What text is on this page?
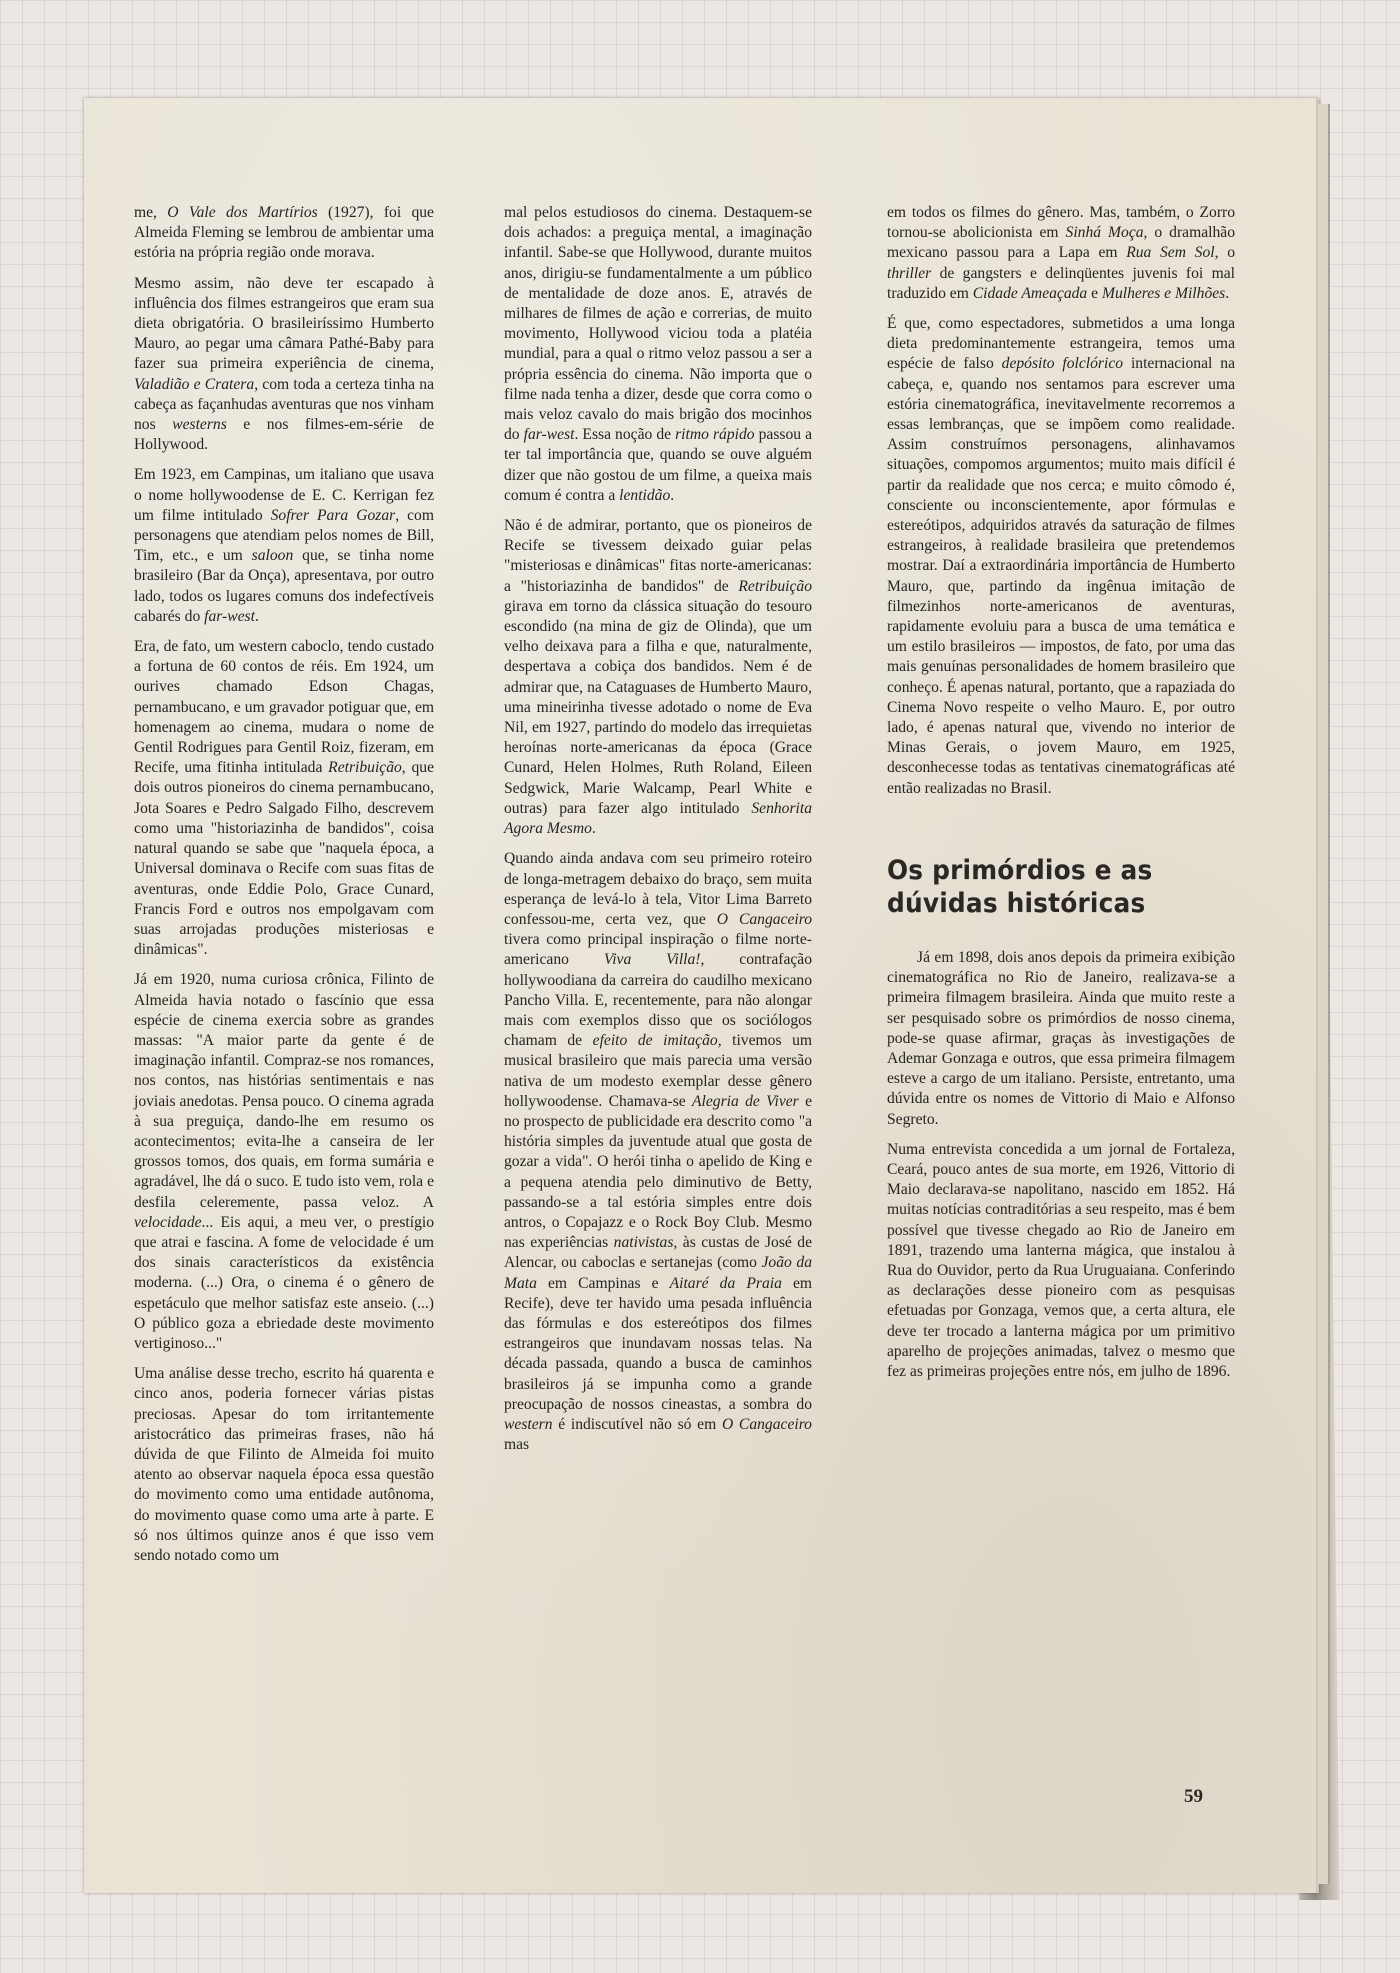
me, O Vale dos Martírios (1927), foi que Almeida Fleming se lembrou de ambientar uma estória na própria região onde morava.

Mesmo assim, não deve ter escapado à influência dos filmes estrangeiros que eram sua dieta obrigatória. O brasileiríssimo Humberto Mauro, ao pegar uma câmara Pathé-Baby para fazer sua primeira experiência de cinema, Valadião e Cratera, com toda a certeza tinha na cabeça as façanhudas aventuras que nos vinham nos westerns e nos filmes-em-série de Hollywood.

Em 1923, em Campinas, um italiano que usava o nome hollywoodense de E. C. Kerrigan fez um filme intitulado Sofrer Para Gozar, com personagens que atendiam pelos nomes de Bill, Tim, etc., e um saloon que, se tinha nome brasileiro (Bar da Onça), apresentava, por outro lado, todos os lugares comuns dos indefectíveis cabarés do far-west.

Era, de fato, um western caboclo, tendo custado a fortuna de 60 contos de réis. Em 1924, um ourives chamado Edson Chagas, pernambucano, e um gravador potiguar que, em homenagem ao cinema, mudara o nome de Gentil Rodrigues para Gentil Roiz, fizeram, em Recife, uma fitinha intitulada Retribuição, que dois outros pioneiros do cinema pernambucano, Jota Soares e Pedro Salgado Filho, descrevem como uma "historiazinha de bandidos", coisa natural quando se sabe que "naquela época, a Universal dominava o Recife com suas fitas de aventuras, onde Eddie Polo, Grace Cunard, Francis Ford e outros nos empolgavam com suas arrojadas produções misteriosas e dinâmicas".

Já em 1920, numa curiosa crônica, Filinto de Almeida havia notado o fascínio que essa espécie de cinema exercia sobre as grandes massas: "A maior parte da gente é de imaginação infantil. Compraz-se nos romances, nos contos, nas histórias sentimentais e nas joviais anedotas. Pensa pouco. O cinema agrada à sua preguiça, dando-lhe em resumo os acontecimentos; evita-lhe a canseira de ler grossos tomos, dos quais, em forma sumária e agradável, lhe dá o suco. E tudo isto vem, rola e desfila celeremente, passa veloz. A velocidade... Eis aqui, a meu ver, o prestígio que atrai e fascina. A fome de velocidade é um dos sinais característicos da existência moderna. (...) Ora, o cinema é o gênero de espetáculo que melhor satisfaz este anseio. (...) O público goza a ebriedade deste movimento vertiginoso..."

Uma análise desse trecho, escrito há quarenta e cinco anos, poderia fornecer várias pistas preciosas. Apesar do tom irritantemente aristocrático das primeiras frases, não há dúvida de que Filinto de Almeida foi muito atento ao observar naquela época essa questão do movimento como uma entidade autônoma, do movimento quase como uma arte à parte. E só nos últimos quinze anos é que isso vem sendo notado como um

mal pelos estudiosos do cinema. Destaquem-se dois achados: a preguiça mental, a imaginação infantil. Sabe-se que Hollywood, durante muitos anos, dirigiu-se fundamentalmente a um público de mentalidade de doze anos. E, através de milhares de filmes de ação e correrias, de muito movimento, Hollywood viciou toda a platéia mundial, para a qual o ritmo veloz passou a ser a própria essência do cinema. Não importa que o filme nada tenha a dizer, desde que corra como o mais veloz cavalo do mais brigão dos mocinhos do far-west. Essa noção de ritmo rápido passou a ter tal importância que, quando se ouve alguém dizer que não gostou de um filme, a queixa mais comum é contra a lentidão.

Não é de admirar, portanto, que os pioneiros de Recife se tivessem deixado guiar pelas "misteriosas e dinâmicas" fitas norte-americanas: a "historiazinha de bandidos" de Retribuição girava em torno da clássica situação do tesouro escondido (na mina de giz de Olinda), que um velho deixava para a filha e que, naturalmente, despertava a cobiça dos bandidos. Nem é de admirar que, na Cataguases de Humberto Mauro, uma mineirinha tivesse adotado o nome de Eva Nil, em 1927, partindo do modelo das irrequietas heroínas norte-americanas da época (Grace Cunard, Helen Holmes, Ruth Roland, Eileen Sedgwick, Marie Walcamp, Pearl White e outras) para fazer algo intitulado Senhorita Agora Mesmo.

Quando ainda andava com seu primeiro roteiro de longa-metragem debaixo do braço, sem muita esperança de levá-lo à tela, Vitor Lima Barreto confessou-me, certa vez, que O Cangaceiro tivera como principal inspiração o filme norte-americano Viva Villa!, contrafação hollywoodiana da carreira do caudilho mexicano Pancho Villa. E, recentemente, para não alongar mais com exemplos disso que os sociólogos chamam de efeito de imitação, tivemos um musical brasileiro que mais parecia uma versão nativa de um modesto exemplar desse gênero hollywoodense. Chamava-se Alegria de Viver e no prospecto de publicidade era descrito como "a história simples da juventude atual que gosta de gozar a vida". O herói tinha o apelido de King e a pequena atendia pelo diminutivo de Betty, passando-se a tal estória simples entre dois antros, o Copajazz e o Rock Boy Club. Mesmo nas experiências nativistas, às custas de José de Alencar, ou caboclas e sertanejas (como João da Mata em Campinas e Aitaré da Praia em Recife), deve ter havido uma pesada influência das fórmulas e dos estereótipos dos filmes estrangeiros que inundavam nossas telas. Na década passada, quando a busca de caminhos brasileiros já se impunha como a grande preocupação de nossos cineastas, a sombra do western é indiscutível não só em O Cangaceiro mas

em todos os filmes do gênero. Mas, também, o Zorro tornou-se abolicionista em Sinhá Moça, o dramalhão mexicano passou para a Lapa em Rua Sem Sol, o thriller de gangsters e delinqüentes juvenis foi mal traduzido em Cidade Ameaçada e Mulheres e Milhões.

É que, como espectadores, submetidos a uma longa dieta predominantemente estrangeira, temos uma espécie de falso depósito folclórico internacional na cabeça, e, quando nos sentamos para escrever uma estória cinematográfica, inevitavelmente recorremos a essas lembranças, que se impõem como realidade. Assim construímos personagens, alinhavamos situações, compomos argumentos; muito mais difícil é partir da realidade que nos cerca; e muito cômodo é, consciente ou inconscientemente, apor fórmulas e estereótipos, adquiridos através da saturação de filmes estrangeiros, à realidade brasileira que pretendemos mostrar. Daí a extraordinária importância de Humberto Mauro, que, partindo da ingênua imitação de filmezinhos norte-americanos de aventuras, rapidamente evoluiu para a busca de uma temática e um estilo brasileiros — impostos, de fato, por uma das mais genuínas personalidades de homem brasileiro que conheço. É apenas natural, portanto, que a rapaziada do Cinema Novo respeite o velho Mauro. E, por outro lado, é apenas natural que, vivendo no interior de Minas Gerais, o jovem Mauro, em 1925, desconhecesse todas as tentativas cinematográficas até então realizadas no Brasil.

Os primórdios e as dúvidas históricas

Já em 1898, dois anos depois da primeira exibição cinematográfica no Rio de Janeiro, realizava-se a primeira filmagem brasileira. Ainda que muito reste a ser pesquisado sobre os primórdios de nosso cinema, pode-se quase afirmar, graças às investigações de Ademar Gonzaga e outros, que essa primeira filmagem esteve a cargo de um italiano. Persiste, entretanto, uma dúvida entre os nomes de Vittorio di Maio e Alfonso Segreto.

Numa entrevista concedida a um jornal de Fortaleza, Ceará, pouco antes de sua morte, em 1926, Vittorio di Maio declarava-se napolitano, nascido em 1852. Há muitas notícias contraditórias a seu respeito, mas é bem possível que tivesse chegado ao Rio de Janeiro em 1891, trazendo uma lanterna mágica, que instalou à Rua do Ouvidor, perto da Rua Uruguaiana. Conferindo as declarações desse pioneiro com as pesquisas efetuadas por Gonzaga, vemos que, a certa altura, ele deve ter trocado a lanterna mágica por um primitivo aparelho de projeções animadas, talvez o mesmo que fez as primeiras projeções entre nós, em julho de 1896.

59
